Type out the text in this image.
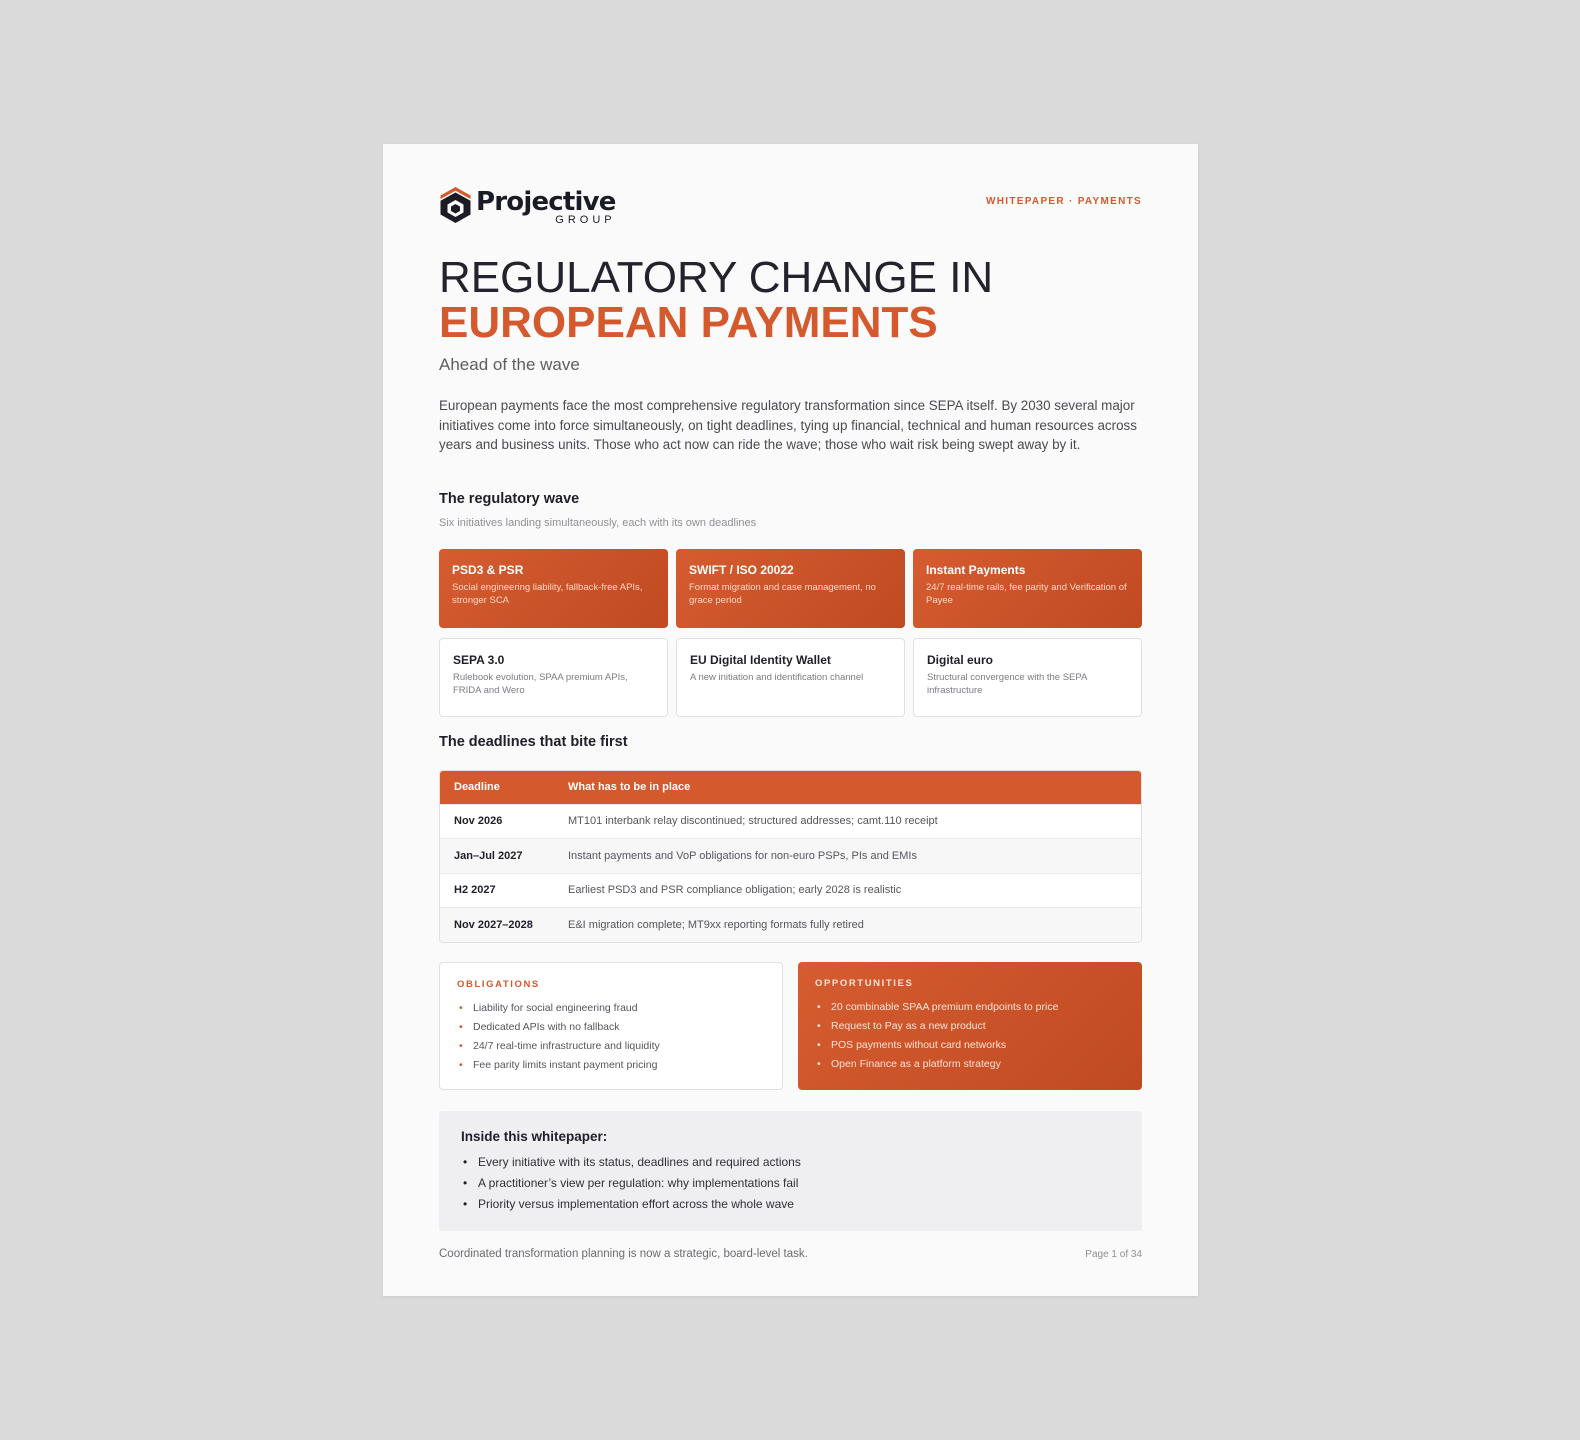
Projective
GROUP
WHITEPAPER · PAYMENTS
REGULATORY CHANGE IN
EUROPEAN PAYMENTS
Ahead of the wave
European payments face the most comprehensive regulatory transformation since SEPA itself. By 2030 several major initiatives come into force simultaneously, on tight deadlines, tying up financial, technical and human resources across years and business units. Those who act now can ride the wave; those who wait risk being swept away by it.
The regulatory wave
Six initiatives landing simultaneously, each with its own deadlines
PSD3 & PSR
Social engineering liability, fallback-free APIs, stronger SCA
SWIFT / ISO 20022
Format migration and case management, no grace period
Instant Payments
24/7 real-time rails, fee parity and Verification of Payee
SEPA 3.0
Rulebook evolution, SPAA premium APIs, FRIDA and Wero
EU Digital Identity Wallet
A new initiation and identification channel
Digital euro
Structural convergence with the SEPA infrastructure
The deadlines that bite first
Deadline	What has to be in place
Nov 2026	MT101 interbank relay discontinued; structured addresses; camt.110 receipt
Jan–Jul 2027	Instant payments and VoP obligations for non-euro PSPs, PIs and EMIs
H2 2027	Earliest PSD3 and PSR compliance obligation; early 2028 is realistic
Nov 2027–2028	E&I migration complete; MT9xx reporting formats fully retired
OBLIGATIONS
• Liability for social engineering fraud
• Dedicated APIs with no fallback
• 24/7 real-time infrastructure and liquidity
• Fee parity limits instant payment pricing
OPPORTUNITIES
• 20 combinable SPAA premium endpoints to price
• Request to Pay as a new product
• POS payments without card networks
• Open Finance as a platform strategy
Inside this whitepaper:
• Every initiative with its status, deadlines and required actions
• A practitioner’s view per regulation: why implementations fail
• Priority versus implementation effort across the whole wave
Coordinated transformation planning is now a strategic, board-level task.	Page 1 of 34
